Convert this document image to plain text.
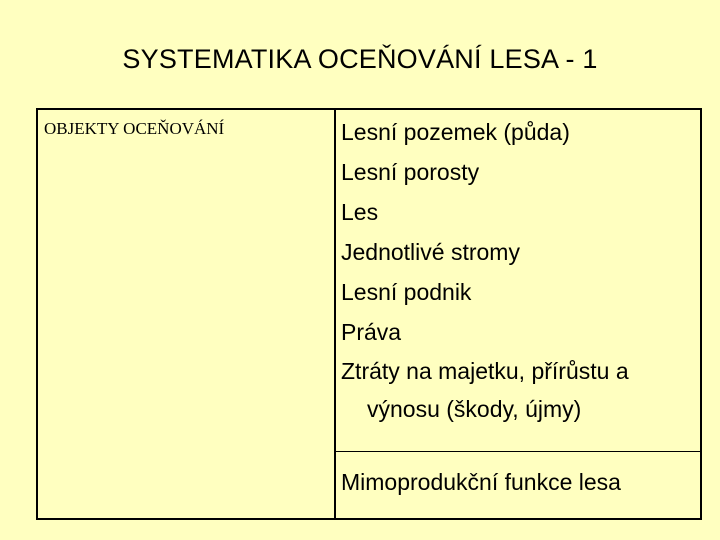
SYSTEMATIKA OCEŇOVÁNÍ LESA - 1
OBJEKTY OCEŇOVÁNÍ	Lesní pozemek (půda)
Lesní porosty
Les
Jednotlivé stromy
Lesní podnik
Práva
Ztráty na majetku, přírůstu a výnosu (škody, újmy)
Mimoprodukční funkce lesa
